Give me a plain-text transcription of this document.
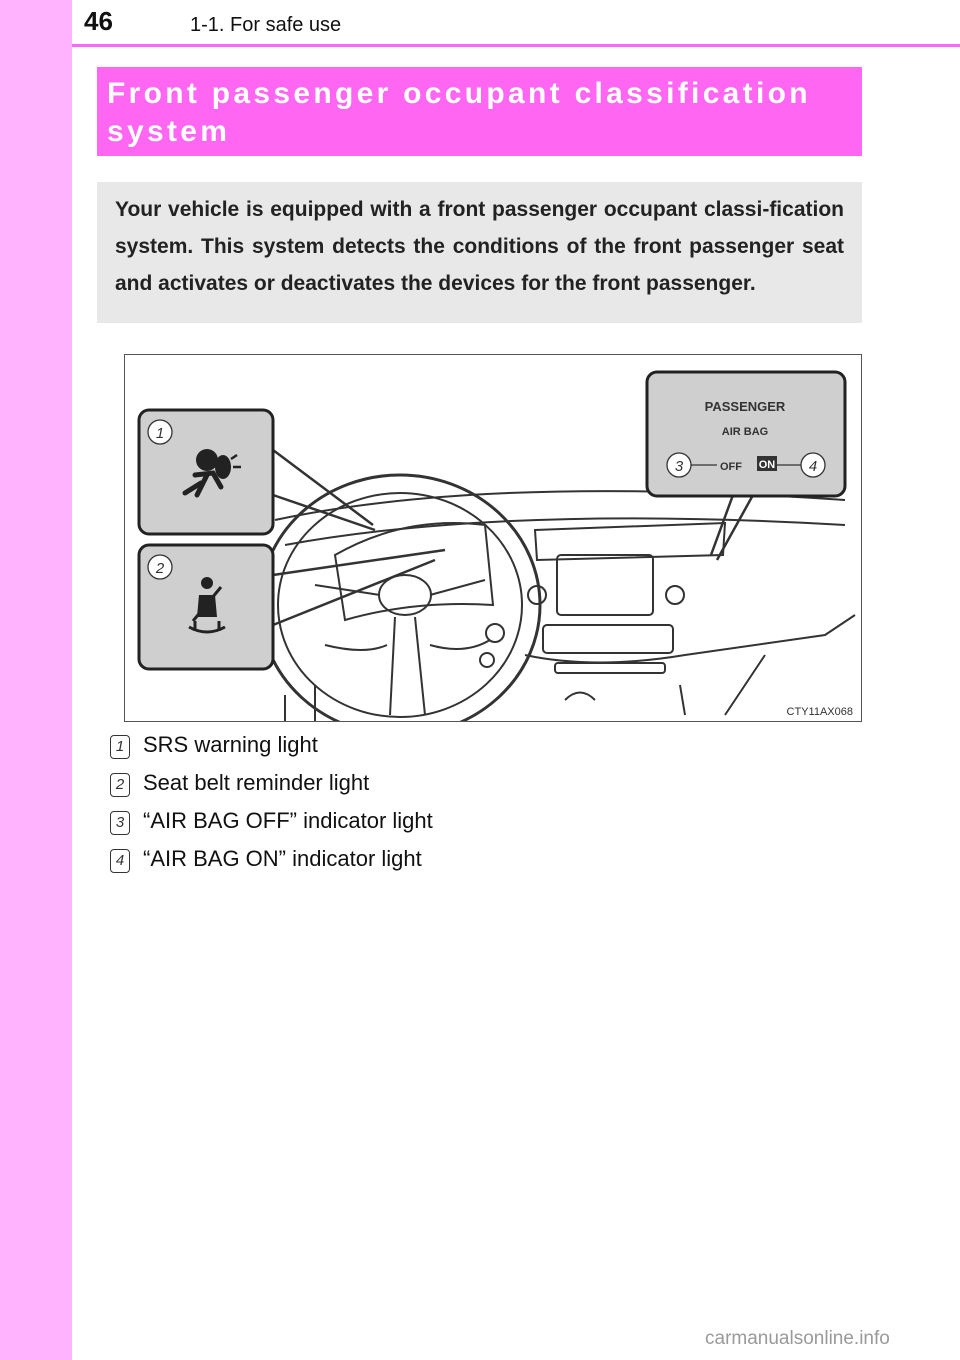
46	1-1. For safe use
Front passenger occupant classification system

Your vehicle is equipped with a front passenger occupant classi-fication system. This system detects the conditions of the front passenger seat and activates or deactivates the devices for the front passenger.

1
2
PASSENGER
AIR BAG
3	OFF ON 4
CTY11AX068
1 SRS warning light
2 Seat belt reminder light
3 “AIR BAG OFF” indicator light
4 “AIR BAG ON” indicator light
carmanualsonline.info
